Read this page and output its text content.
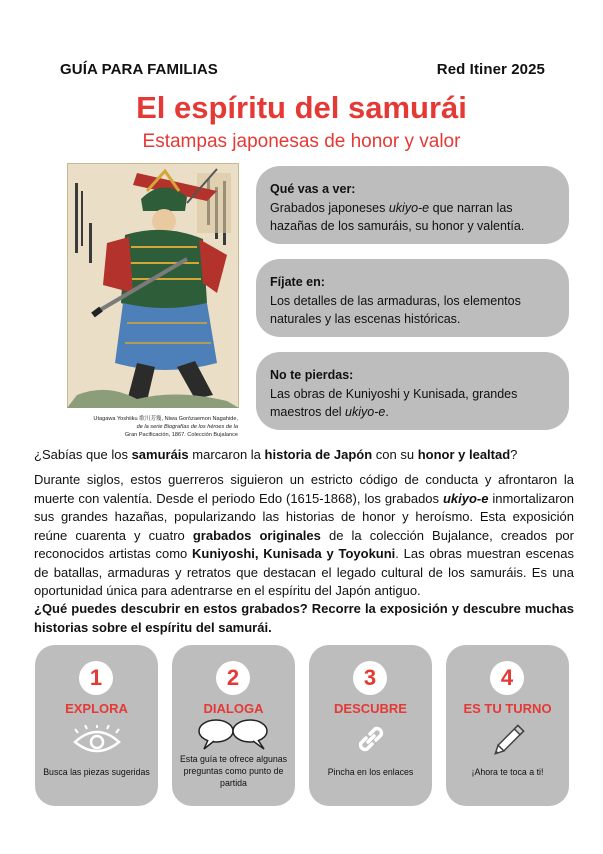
GUÍA PARA FAMILIAS	Red Itiner 2025
El espíritu del samurái
Estampas japonesas de honor y valor
Utagawa Yoshiiku 歌川芳幾, Niwa Gorōzaemon Nagahide,
de la serie Biografías de los héroes de la
Gran Pacificación, 1867. Colección Bujalance
Qué vas a ver:
Grabados japoneses ukiyo-e que narran las hazañas de los samuráis, su honor y valentía.
Fíjate en:
Los detalles de las armaduras, los elementos naturales y las escenas históricas.
No te pierdas:
Las obras de Kuniyoshi y Kunisada, grandes maestros del ukiyo-e.
¿Sabías que los samuráis marcaron la historia de Japón con su honor y lealtad?
Durante siglos, estos guerreros siguieron un estricto código de conducta y afrontaron la muerte con valentía. Desde el periodo Edo (1615-1868), los grabados ukiyo-e inmortalizaron sus grandes hazañas, popularizando las historias de honor y heroísmo. Esta exposición reúne cuarenta y cuatro grabados originales de la colección Bujalance, creados por reconocidos artistas como Kuniyoshi, Kunisada y Toyokuni. Las obras muestran escenas de batallas, armaduras y retratos que destacan el legado cultural de los samuráis. Es una oportunidad única para adentrarse en el espíritu del Japón antiguo.
¿Qué puedes descubrir en estos grabados? Recorre la exposición y descubre muchas historias sobre el espíritu del samurái.
1
EXPLORA
Busca las piezas sugeridas
2
DIALOGA
Esta guía te ofrece algunas preguntas como punto de partida
3
DESCUBRE
Pincha en los enlaces
4
ES TU TURNO
¡Ahora te toca a ti!
